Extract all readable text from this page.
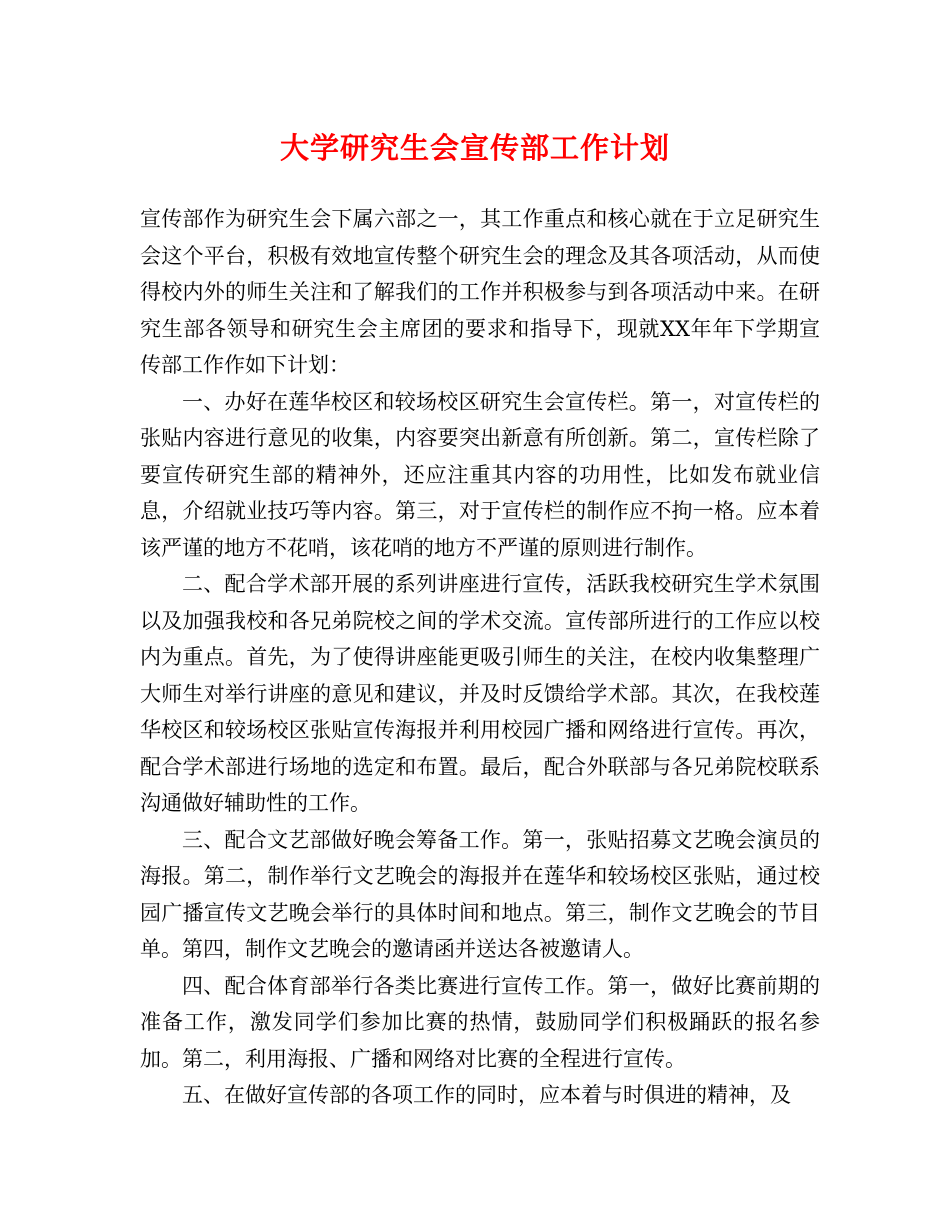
大学研究生会宣传部工作计划

宣传部作为研究生会下属六部之一，其工作重点和核心就在于立足研究生会这个平台，积极有效地宣传整个研究生会的理念及其各项活动，从而使得校内外的师生关注和了解我们的工作并积极参与到各项活动中来。在研究生部各领导和研究生会主席团的要求和指导下，现就XX年年下学期宣传部工作作如下计划：

一、办好在莲华校区和较场校区研究生会宣传栏。第一，对宣传栏的张贴内容进行意见的收集，内容要突出新意有所创新。第二，宣传栏除了要宣传研究生部的精神外，还应注重其内容的功用性，比如发布就业信息，介绍就业技巧等内容。第三，对于宣传栏的制作应不拘一格。应本着该严谨的地方不花哨，该花哨的地方不严谨的原则进行制作。

二、配合学术部开展的系列讲座进行宣传，活跃我校研究生学术氛围以及加强我校和各兄弟院校之间的学术交流。宣传部所进行的工作应以校内为重点。首先，为了使得讲座能更吸引师生的关注，在校内收集整理广大师生对举行讲座的意见和建议，并及时反馈给学术部。其次，在我校莲华校区和较场校区张贴宣传海报并利用校园广播和网络进行宣传。再次，配合学术部进行场地的选定和布置。最后，配合外联部与各兄弟院校联系沟通做好辅助性的工作。

三、配合文艺部做好晚会筹备工作。第一，张贴招募文艺晚会演员的海报。第二，制作举行文艺晚会的海报并在莲华和较场校区张贴，通过校园广播宣传文艺晚会举行的具体时间和地点。第三，制作文艺晚会的节目单。第四，制作文艺晚会的邀请函并送达各被邀请人。

四、配合体育部举行各类比赛进行宣传工作。第一，做好比赛前期的准备工作，激发同学们参加比赛的热情，鼓励同学们积极踊跃的报名参加。第二，利用海报、广播和网络对比赛的全程进行宣传。

五、在做好宣传部的各项工作的同时，应本着与时俱进的精神，及
